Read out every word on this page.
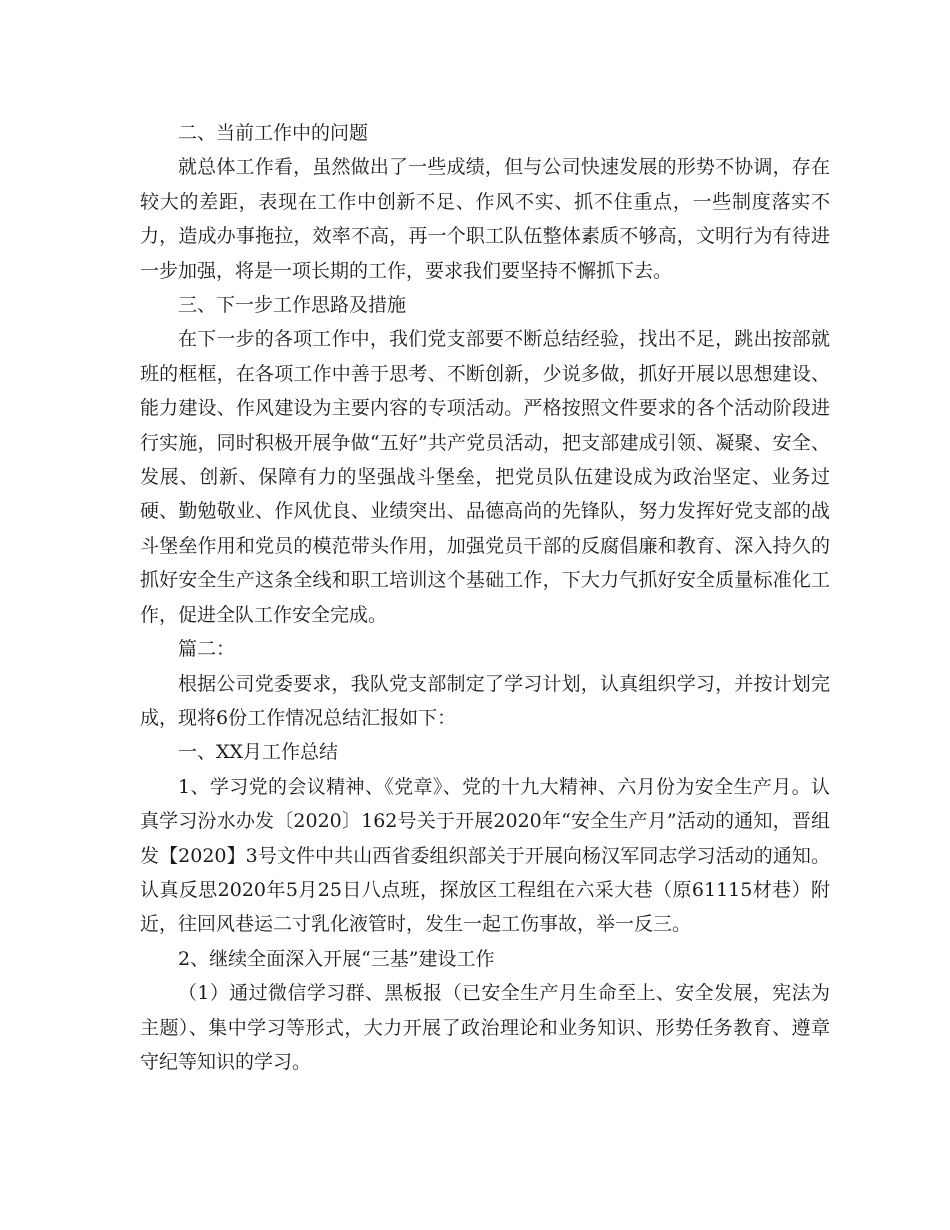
二、当前工作中的问题

就总体工作看，虽然做出了一些成绩，但与公司快速发展的形势不协调，存在较大的差距，表现在工作中创新不足、作风不实、抓不住重点，一些制度落实不力，造成办事拖拉，效率不高，再一个职工队伍整体素质不够高，文明行为有待进一步加强，将是一项长期的工作，要求我们要坚持不懈抓下去。

三、下一步工作思路及措施

在下一步的各项工作中，我们党支部要不断总结经验，找出不足，跳出按部就班的框框，在各项工作中善于思考、不断创新，少说多做，抓好开展以思想建设、能力建设、作风建设为主要内容的专项活动。严格按照文件要求的各个活动阶段进行实施，同时积极开展争做“五好”共产党员活动，把支部建成引领、凝聚、安全、发展、创新、保障有力的坚强战斗堡垒，把党员队伍建设成为政治坚定、业务过硬、勤勉敬业、作风优良、业绩突出、品德高尚的先锋队，努力发挥好党支部的战斗堡垒作用和党员的模范带头作用，加强党员干部的反腐倡廉和教育、深入持久的抓好安全生产这条全线和职工培训这个基础工作，下大力气抓好安全质量标准化工作，促进全队工作安全完成。

篇二：

根据公司党委要求，我队党支部制定了学习计划，认真组织学习，并按计划完成，现将6份工作情况总结汇报如下：

一、XX月工作总结

1、学习党的会议精神、《党章》、党的十九大精神、六月份为安全生产月。认真学习汾水办发〔2020〕162号关于开展2020年“安全生产月”活动的通知，晋组发【2020】3号文件中共山西省委组织部关于开展向杨汉军同志学习活动的通知。认真反思2020年5月25日八点班，探放区工程组在六采大巷（原61115材巷）附近，往回风巷运二寸乳化液管时，发生一起工伤事故，举一反三。

2、继续全面深入开展“三基”建设工作

（1）通过微信学习群、黑板报（已安全生产月生命至上、安全发展，宪法为主题）、集中学习等形式，大力开展了政治理论和业务知识、形势任务教育、遵章守纪等知识的学习。
